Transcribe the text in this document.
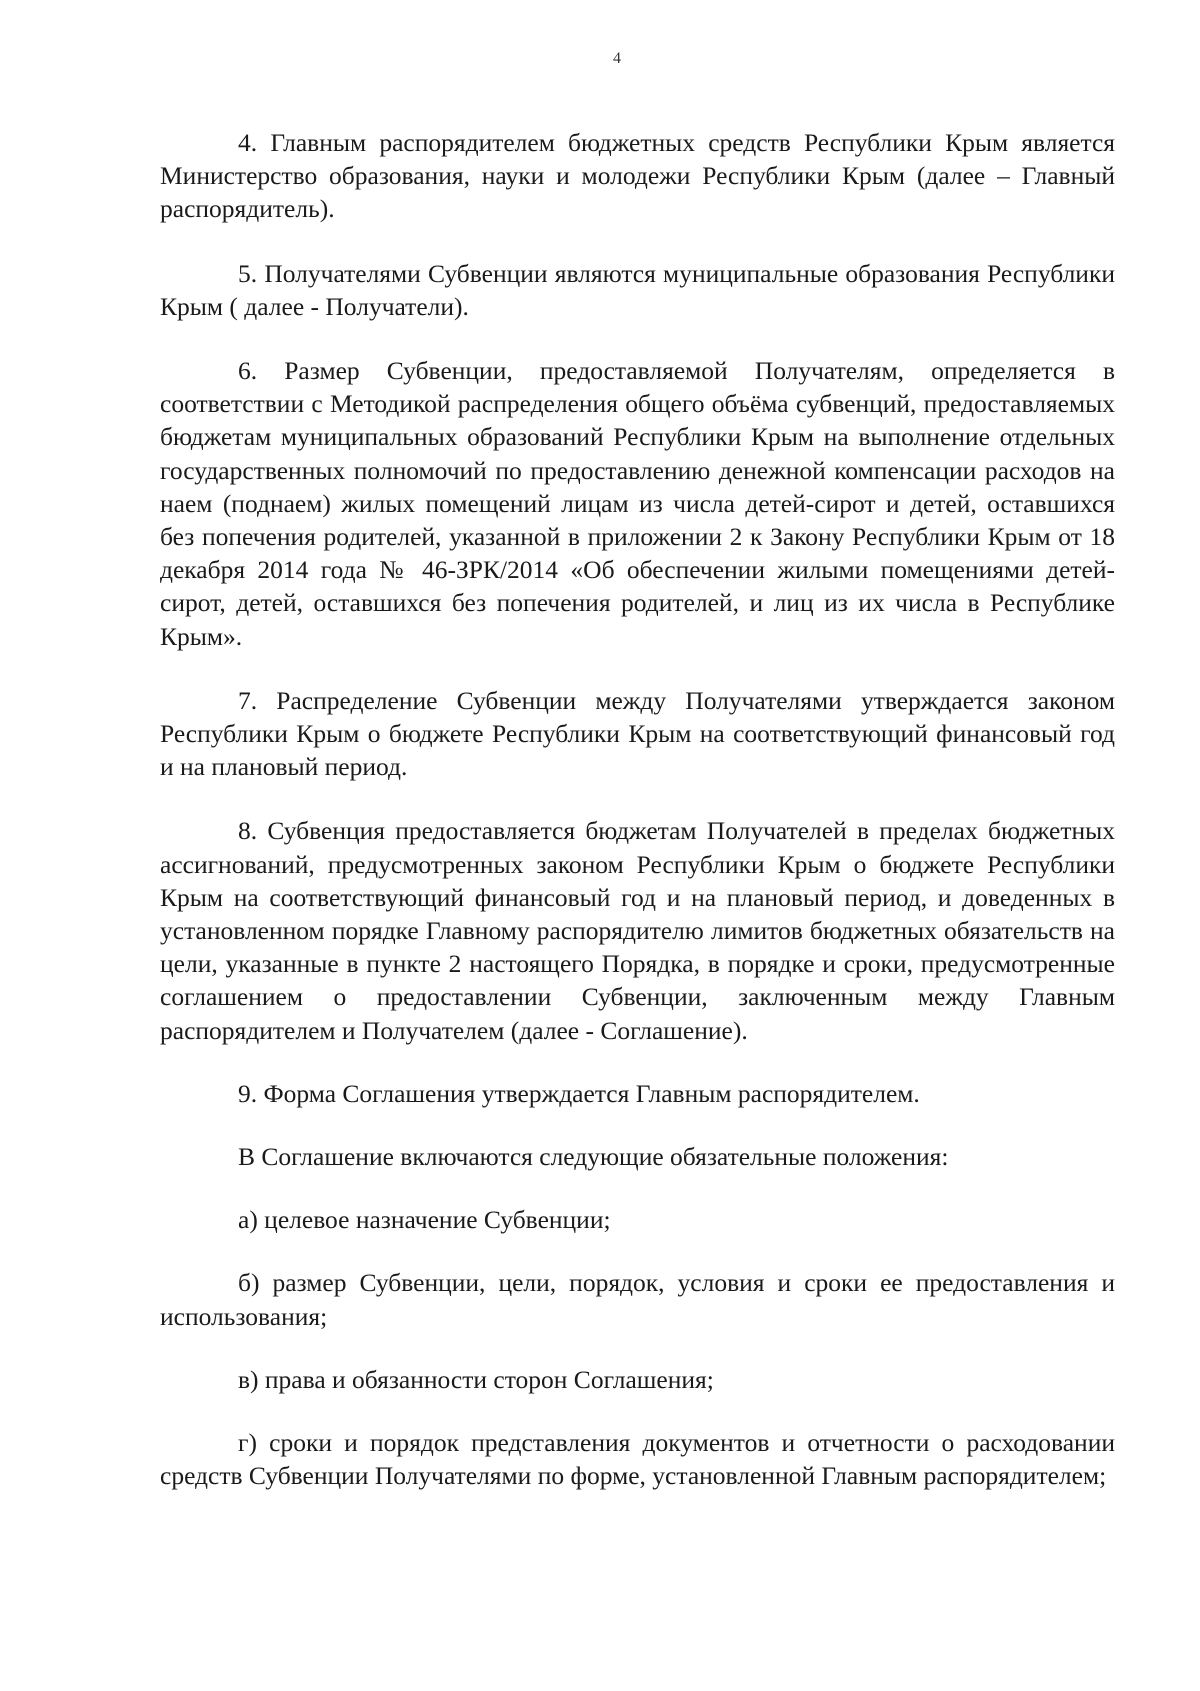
4

4. Главным распорядителем бюджетных средств Республики Крым является Министерство образования, науки и молодежи Республики Крым (далее – Главный распорядитель).

5. Получателями Субвенции являются муниципальные образования Республики Крым ( далее - Получатели).

6. Размер Субвенции, предоставляемой Получателям, определяется в соответствии с Методикой распределения общего объёма субвенций, предоставляемых бюджетам муниципальных образований Республики Крым на выполнение отдельных государственных полномочий по предоставлению денежной компенсации расходов на наем (поднаем) жилых помещений лицам из числа детей-сирот и детей, оставшихся без попечения родителей, указанной в приложении 2 к Закону Республики Крым от 18 декабря 2014 года № 46-ЗРК/2014 «Об обеспечении жилыми помещениями детей-сирот, детей, оставшихся без попечения родителей, и лиц из их числа в Республике Крым».

7. Распределение Субвенции между Получателями утверждается законом Республики Крым о бюджете Республики Крым на соответствующий финансовый год и на плановый период.

8. Субвенция предоставляется бюджетам Получателей в пределах бюджетных ассигнований, предусмотренных законом Республики Крым о бюджете Республики Крым на соответствующий финансовый год и на плановый период, и доведенных в установленном порядке Главному распорядителю лимитов бюджетных обязательств на цели, указанные в пункте 2 настоящего Порядка, в порядке и сроки, предусмотренные соглашением о предоставлении Субвенции, заключенным между Главным распорядителем и Получателем (далее - Соглашение).

9. Форма Соглашения утверждается Главным распорядителем.

В Соглашение включаются следующие обязательные положения:

а) целевое назначение Субвенции;

б) размер Субвенции, цели, порядок, условия и сроки ее предоставления и использования;

в) права и обязанности сторон Соглашения;

г) сроки и порядок представления документов и отчетности о расходовании средств Субвенции Получателями по форме, установленной Главным распорядителем;
